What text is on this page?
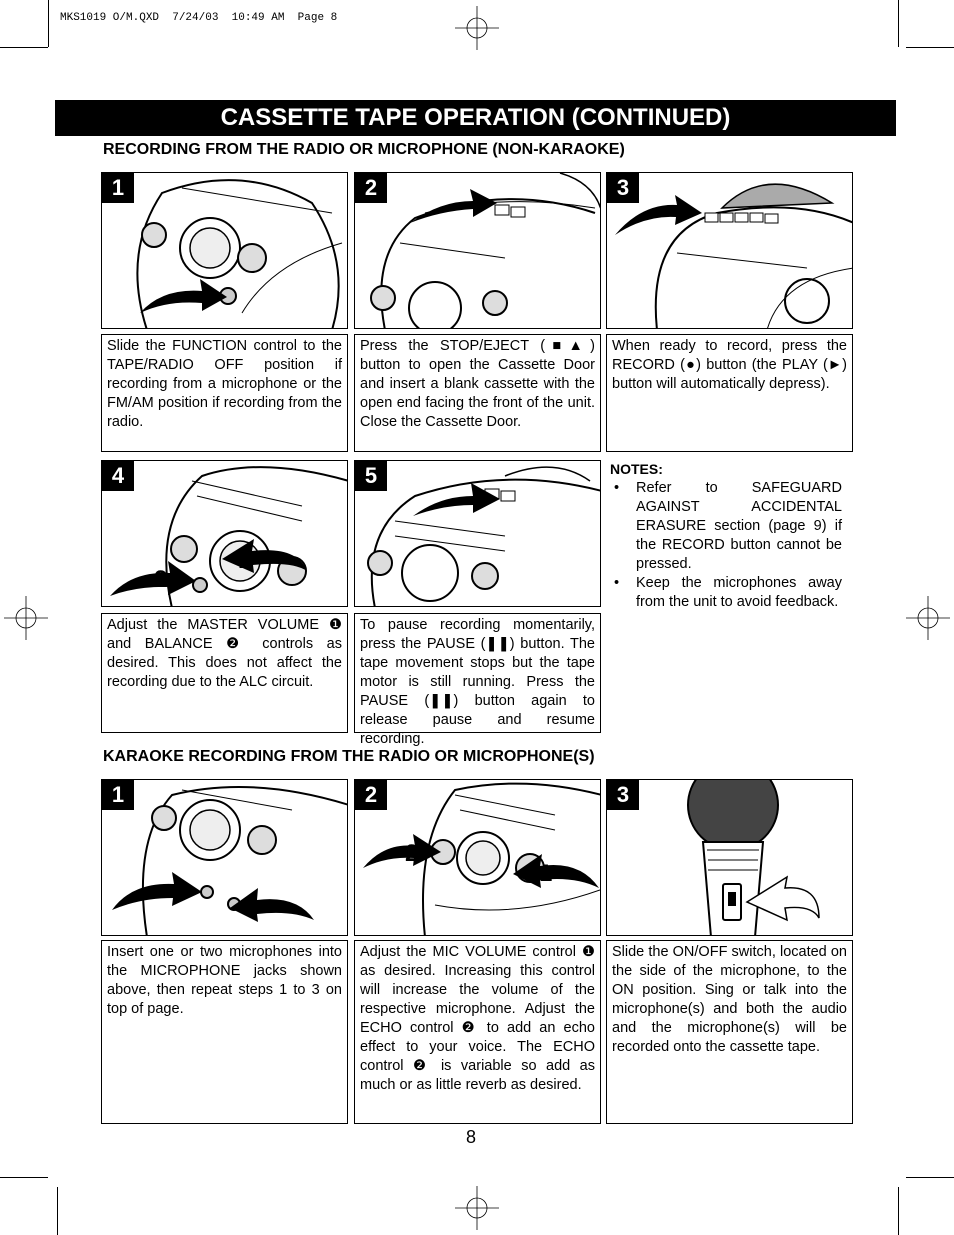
MKS1019 O/M.QXD  7/24/03  10:49 AM  Page 8
CASSETTE TAPE OPERATION (CONTINUED)
RECORDING FROM THE RADIO OR MICROPHONE (NON-KARAOKE)
1	2	3
Slide the FUNCTION control to the TAPE/RADIO OFF position if recording from a microphone or the FM/AM position if recording from the radio.
Press the STOP/EJECT (■▲) button to open the Cassette Door and insert a blank cassette with the open end facing the front of the unit. Close the Cassette Door.
When ready to record, press the RECORD (●) button (the PLAY (►) button will automatically depress).
1
2
4	5
Adjust the MASTER VOLUME ❶ and BALANCE ❷ controls as desired. This does not affect the recording due to the ALC circuit.
To pause recording momentarily, press the PAUSE (❚❚) button. The tape movement stops but the tape motor is still running. Press the PAUSE (❚❚) button again to release pause and resume recording.
NOTES:
• Refer to SAFEGUARD AGAINST ACCIDENTAL ERASURE section (page 9) if the RECORD button cannot be pressed.
• Keep the microphones away from the unit to avoid feedback.
KARAOKE RECORDING FROM THE RADIO OR MICROPHONE(S)
1
2
1
2	3
Insert one or two microphones into the MICROPHONE jacks shown above, then repeat steps 1 to 3 on top of page.
Adjust the MIC VOLUME control ❶ as desired. Increasing this control will increase the volume of the respective microphone. Adjust the ECHO control ❷ to add an echo effect to your voice. The ECHO control ❷ is variable so add as much or as little reverb as desired.
Slide the ON/OFF switch, located on the side of the microphone, to the ON position. Sing or talk into the microphone(s) and both the audio and the microphone(s) will be recorded onto the cassette tape.
8
